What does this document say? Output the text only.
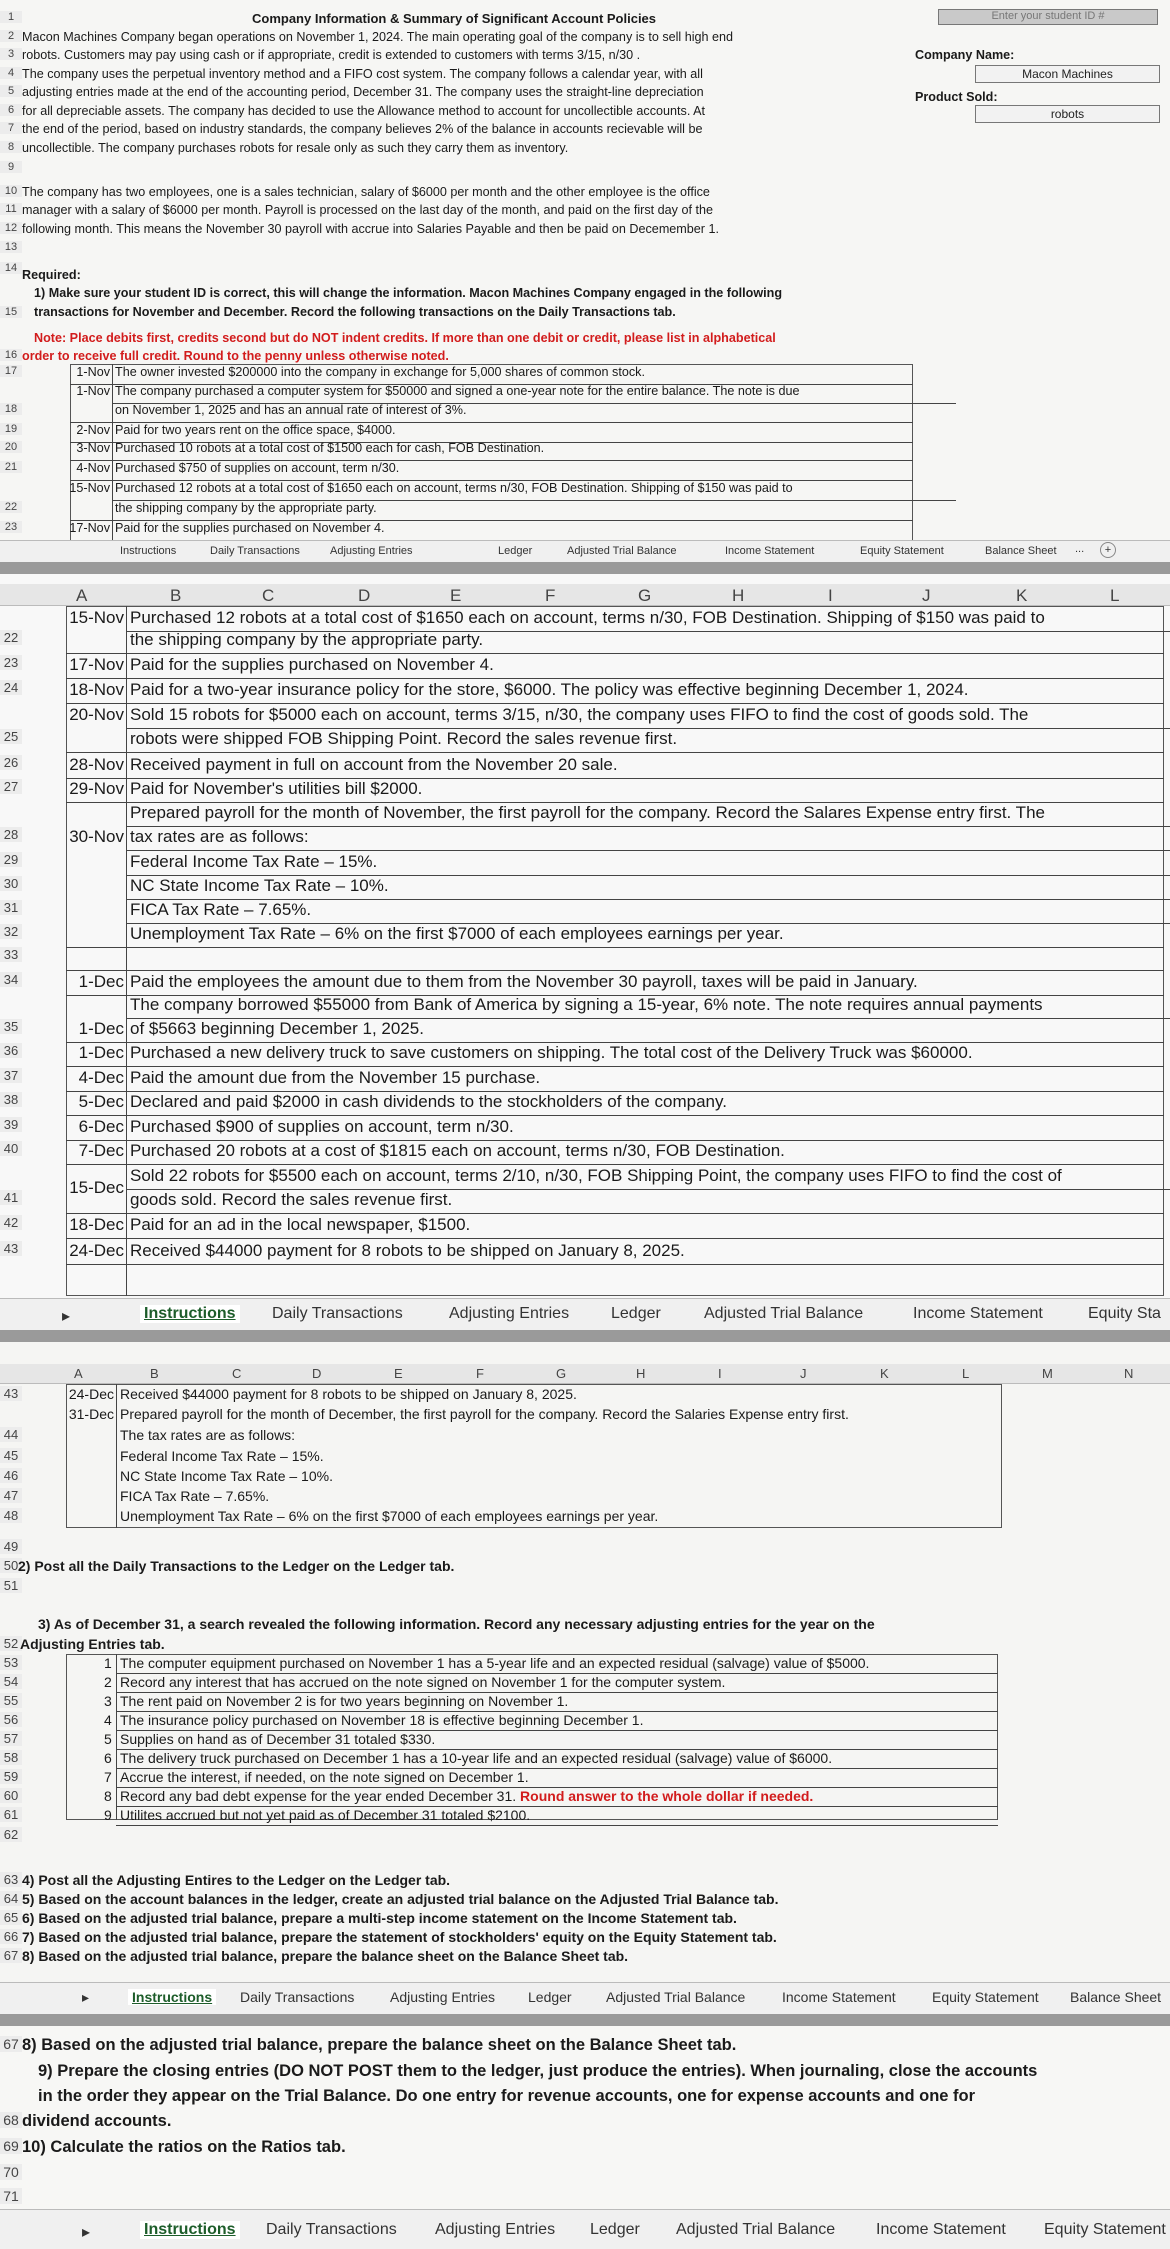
Company Information & Summary of Significant Account Policies	Enter your student ID #
Company Name:
Macon Machines
Product Sold:
robots
1
2
3
4
5
6
7
8
9
10
11
12
13
14
15
16
Macon Machines Company began operations on November 1, 2024. The main operating goal of the company is to sell high end
robots. Customers may pay using cash or if appropriate, credit is extended to customers with terms 3/15, n/30 .
The company uses the perpetual inventory method and a FIFO cost system. The company follows a calendar year, with all
adjusting entries made at the end of the accounting period, December 31. The company uses the straight-line depreciation
for all depreciable assets. The company has decided to use the Allowance method to account for uncollectible accounts. At
the end of the period, based on industry standards, the company believes 2% of the balance in accounts recievable will be
uncollectible. The company purchases robots for resale only as such they carry them as inventory.
The company has two employees, one is a sales technician, salary of $6000 per month and the other employee is the office
manager with a salary of $6000 per month. Payroll is processed on the last day of the month, and paid on the first day of the
following month. This means the November 30 payroll with accrue into Salaries Payable and then be paid on Decemember 1.
Required:
1) Make sure your student ID is correct, this will change the information. Macon Machines Company engaged in the following
transactions for November and December. Record the following transactions on the Daily Transactions tab.
Note: Place debits first, credits second but do NOT indent credits. If more than one debit or credit, please list in alphabetical
order to receive full credit. Round to the penny unless otherwise noted.
17	1-Nov The owner invested $200000 into the company in exchange for 5,000 shares of common stock.
1-Nov The company purchased a computer system for $50000 and signed a one-year note for the entire balance. The note is due
18	on November 1, 2025 and has an annual rate of interest of 3%.
19	2-Nov Paid for two years rent on the office space, $4000.
20	3-Nov Purchased 10 robots at a total cost of $1500 each for cash, FOB Destination.
21	4-Nov Purchased $750 of supplies on account, term n/30.
15-Nov Purchased 12 robots at a total cost of $1650 each on account, terms n/30, FOB Destination. Shipping of $150 was paid to
22	the shipping company by the appropriate party.
23	17-Nov Paid for the supplies purchased on November 4.
Instructions	Daily Transactions	Adjusting Entries	Ledger	Adjusted Trial Balance	Income Statement	Equity Statement	Balance Sheet ...	+
A	B	C	D	E	F	G	H	I	J	K	L
15-Nov Purchased 12 robots at a total cost of $1650 each on account, terms n/30, FOB Destination. Shipping of $150 was paid to
22	the shipping company by the appropriate party.
23	17-Nov Paid for the supplies purchased on November 4.
24	18-Nov Paid for a two-year insurance policy for the store, $6000. The policy was effective beginning December 1, 2024.
20-Nov Sold 15 robots for $5000 each on account, terms 3/15, n/30, the company uses FIFO to find the cost of goods sold. The
25	robots were shipped FOB Shipping Point. Record the sales revenue first.
26	28-Nov Received payment in full on account from the November 20 sale.
27	29-Nov Paid for November's utilities bill $2000.
Prepared payroll for the month of November, the first payroll for the company. Record the Salares Expense entry first. The
28	30-Nov tax rates are as follows:
29	Federal Income Tax Rate – 15%.
30	NC State Income Tax Rate – 10%.
31	FICA Tax Rate – 7.65%.
32	Unemployment Tax Rate – 6% on the first $7000 of each employees earnings per year.
33
34	1-Dec Paid the employees the amount due to them from the November 30 payroll, taxes will be paid in January.
The company borrowed $55000 from Bank of America by signing a 15-year, 6% note. The note requires annual payments
35	1-Dec of $5663 beginning December 1, 2025.
36	1-Dec Purchased a new delivery truck to save customers on shipping. The total cost of the Delivery Truck was $60000.
37	4-Dec Paid the amount due from the November 15 purchase.
38	5-Dec Declared and paid $2000 in cash dividends to the stockholders of the company.
39	6-Dec Purchased $900 of supplies on account, term n/30.
40	7-Dec Purchased 20 robots at a cost of $1815 each on account, terms n/30, FOB Destination.
15-Dec
Sold 22 robots for $5500 each on account, terms 2/10, n/30, FOB Shipping Point, the company uses FIFO to find the cost of
41	goods sold. Record the sales revenue first.
42	18-Dec Paid for an ad in the local newspaper, $1500.
43	24-Dec Received $44000 payment for 8 robots to be shipped on January 8, 2025.
▸	Instructions Daily Transactions	Adjusting Entries	Ledger	Adjusted Trial Balance	Income Statement	Equity Sta
A	B	C	D	E	F	G	H	I	J	K	L	M	N
43	24-Dec Received $44000 payment for 8 robots to be shipped on January 8, 2025.
31-Dec Prepared payroll for the month of December, the first payroll for the company. Record the Salaries Expense entry first.
44	The tax rates are as follows:
45	Federal Income Tax Rate – 15%.
46	NC State Income Tax Rate – 10%.
47	FICA Tax Rate – 7.65%.
48	Unemployment Tax Rate – 6% on the first $7000 of each employees earnings per year.
49
50 2) Post all the Daily Transactions to the Ledger on the Ledger tab.
51
3) As of December 31, a search revealed the following information. Record any necessary adjusting entries for the year on the
52 Adjusting Entries tab.
53	1 The computer equipment purchased on November 1 has a 5-year life and an expected residual (salvage) value of $5000.
54	2 Record any interest that has accrued on the note signed on November 1 for the computer system.
55	3 The rent paid on November 2 is for two years beginning on November 1.
56	4 The insurance policy purchased on November 18 is effective beginning December 1.
57	5 Supplies on hand as of December 31 totaled $330.
58	6 The delivery truck purchased on December 1 has a 10-year life and an expected residual (salvage) value of $6000.
59	7 Accrue the interest, if needed, on the note signed on December 1.
60	8 Record any bad debt expense for the year ended December 31. Round answer to the whole dollar if needed.
61	9 Utilites accrued but not yet paid as of December 31 totaled $2100.
62
63 4) Post all the Adjusting Entires to the Ledger on the Ledger tab.
64 5) Based on the account balances in the ledger, create an adjusted trial balance on the Adjusted Trial Balance tab.
65 6) Based on the adjusted trial balance, prepare a multi-step income statement on the Income Statement tab.
66 7) Based on the adjusted trial balance, prepare the statement of stockholders' equity on the Equity Statement tab.
67 8) Based on the adjusted trial balance, prepare the balance sheet on the Balance Sheet tab.
▸	Instructions Daily Transactions	Adjusting Entries Ledger Adjusted Trial Balance	Income Statement	Equity Statement Balance Sheet
67 8) Based on the adjusted trial balance, prepare the balance sheet on the Balance Sheet tab.
9) Prepare the closing entries (DO NOT POST them to the ledger, just produce the entries). When journaling, close the accounts
in the order they appear on the Trial Balance. Do one entry for revenue accounts, one for expense accounts and one for
68 dividend accounts.
69 10) Calculate the ratios on the Ratios tab.
70
71
▸	Instructions Daily Transactions Adjusting Entries Ledger Adjusted Trial Balance	Income Statement Equity Statement
